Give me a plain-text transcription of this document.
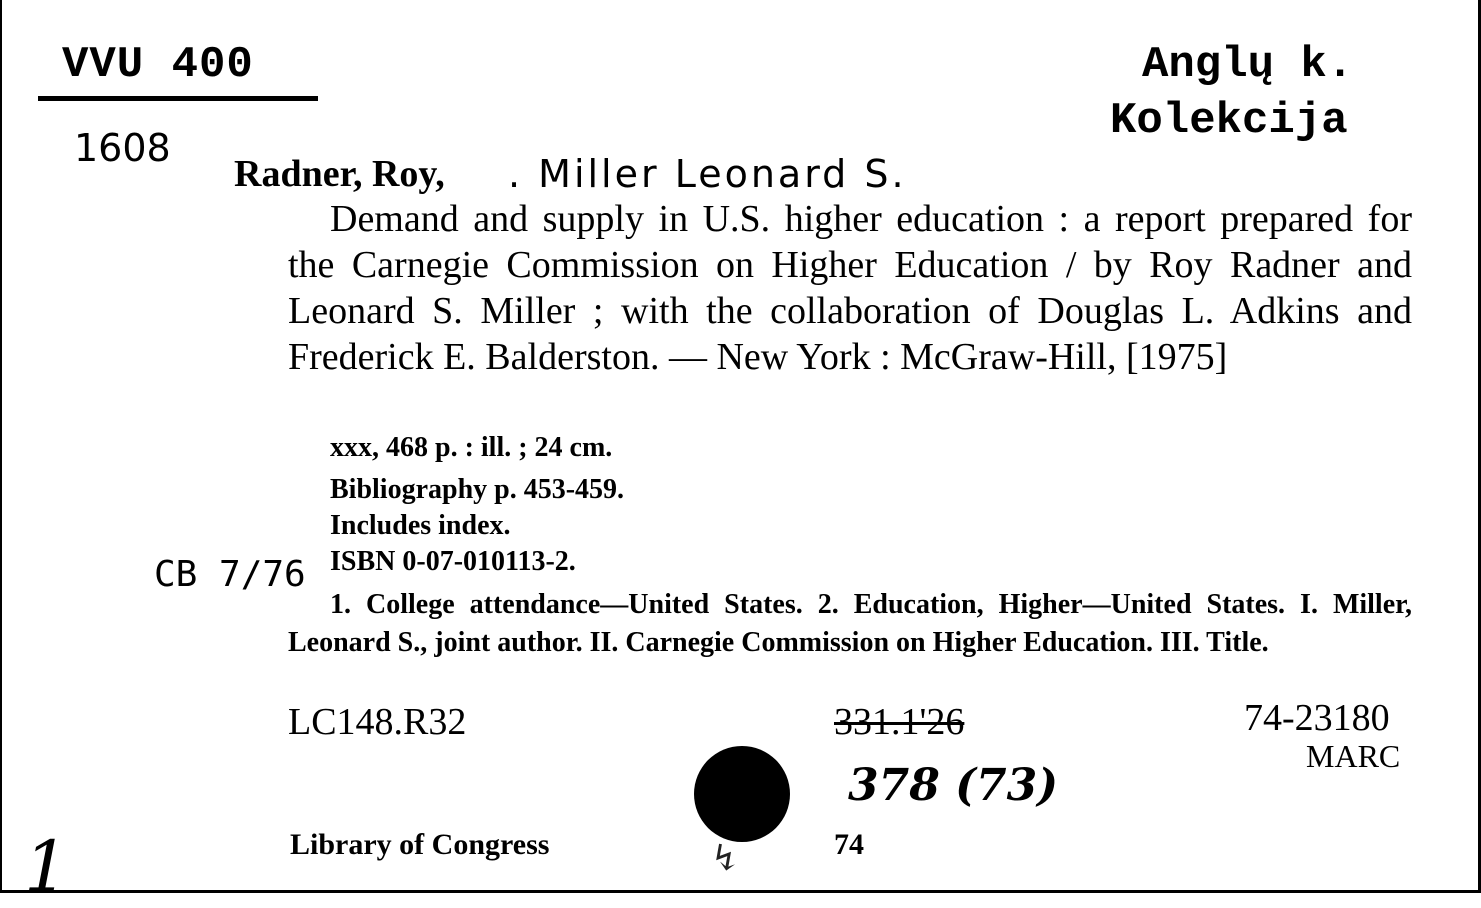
VVU 400
1608
Anglų k.
Kolekcija
Radner, Roy, . Miller Leonard S.
Demand and supply in U.S. higher education : a report prepared for the Carnegie Commission on Higher Education / by Roy Radner and Leonard S. Miller ; with the collaboration of Douglas L. Adkins and Frederick E. Balderston. — New York : McGraw-Hill, [1975]
xxx, 468 p. : ill. ; 24 cm.
Bibliography p. 453-459.
Includes index.
ISBN 0-07-010113-2.
CB 7/76
1. College attendance—United States. 2. Education, Higher—United States. I. Miller, Leonard S., joint author. II. Carnegie Commission on Higher Education. III. Title.
LC148.R32	331.1'26	74-23180
MARC
378 (73)
↯
Library of Congress	74
1
